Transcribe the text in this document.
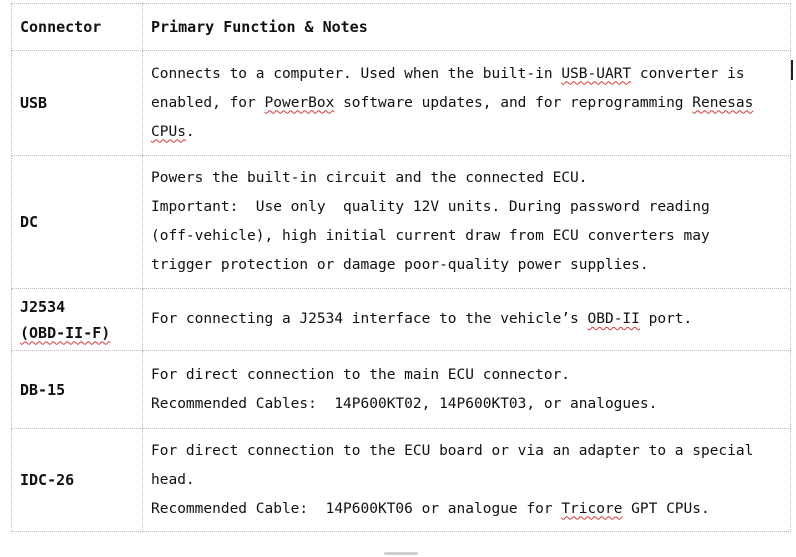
Connector	Primary Function & Notes

USB	Connects to a computer. Used when the built-in USB-UART converter is
enabled, for PowerBox software updates, and for reprogramming Renesas
CPUs.

DC	Powers the built-in circuit and the connected ECU.
Important:  Use only  quality 12V units. During password reading
(off-vehicle), high initial current draw from ECU converters may
trigger protection or damage poor-quality power supplies.

J2534
(OBD-II-F)	For connecting a J2534 interface to the vehicle’s OBD-II port.

DB-15	For direct connection to the main ECU connector.
Recommended Cables:  14P600KT02, 14P600KT03, or analogues.

IDC-26	For direct connection to the ECU board or via an adapter to a special
head.
Recommended Cable:  14P600KT06 or analogue for Tricore GPT CPUs.
